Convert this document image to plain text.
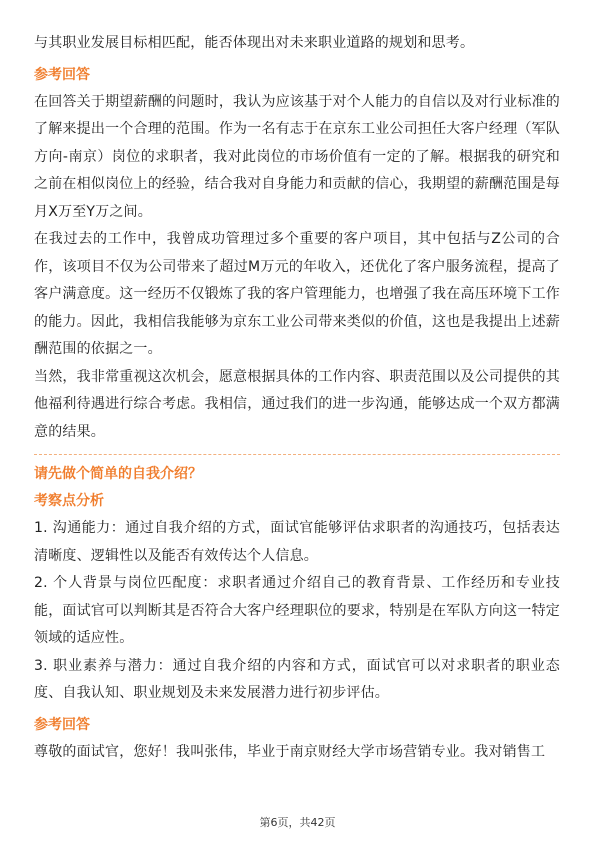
与其职业发展目标相匹配，能否体现出对未来职业道路的规划和思考。

参考回答

在回答关于期望薪酬的问题时，我认为应该基于对个人能力的自信以及对行业标准的了解来提出一个合理的范围。作为一名有志于在京东工业公司担任大客户经理（军队方向-南京）岗位的求职者，我对此岗位的市场价值有一定的了解。根据我的研究和之前在相似岗位上的经验，结合我对自身能力和贡献的信心，我期望的薪酬范围是每月X万至Y万之间。

在我过去的工作中，我曾成功管理过多个重要的客户项目，其中包括与Z公司的合作，该项目不仅为公司带来了超过M万元的年收入，还优化了客户服务流程，提高了客户满意度。这一经历不仅锻炼了我的客户管理能力，也增强了我在高压环境下工作的能力。因此，我相信我能够为京东工业公司带来类似的价值，这也是我提出上述薪酬范围的依据之一。

当然，我非常重视这次机会，愿意根据具体的工作内容、职责范围以及公司提供的其他福利待遇进行综合考虑。我相信，通过我们的进一步沟通，能够达成一个双方都满意的结果。

请先做个简单的自我介绍？

考察点分析

1. 沟通能力：通过自我介绍的方式，面试官能够评估求职者的沟通技巧，包括表达清晰度、逻辑性以及能否有效传达个人信息。

2. 个人背景与岗位匹配度：求职者通过介绍自己的教育背景、工作经历和专业技能，面试官可以判断其是否符合大客户经理职位的要求，特别是在军队方向这一特定领域的适应性。

3. 职业素养与潜力：通过自我介绍的内容和方式，面试官可以对求职者的职业态度、自我认知、职业规划及未来发展潜力进行初步评估。

参考回答

尊敬的面试官，您好！我叫张伟，毕业于南京财经大学市场营销专业。我对销售工

第6页，共42页
